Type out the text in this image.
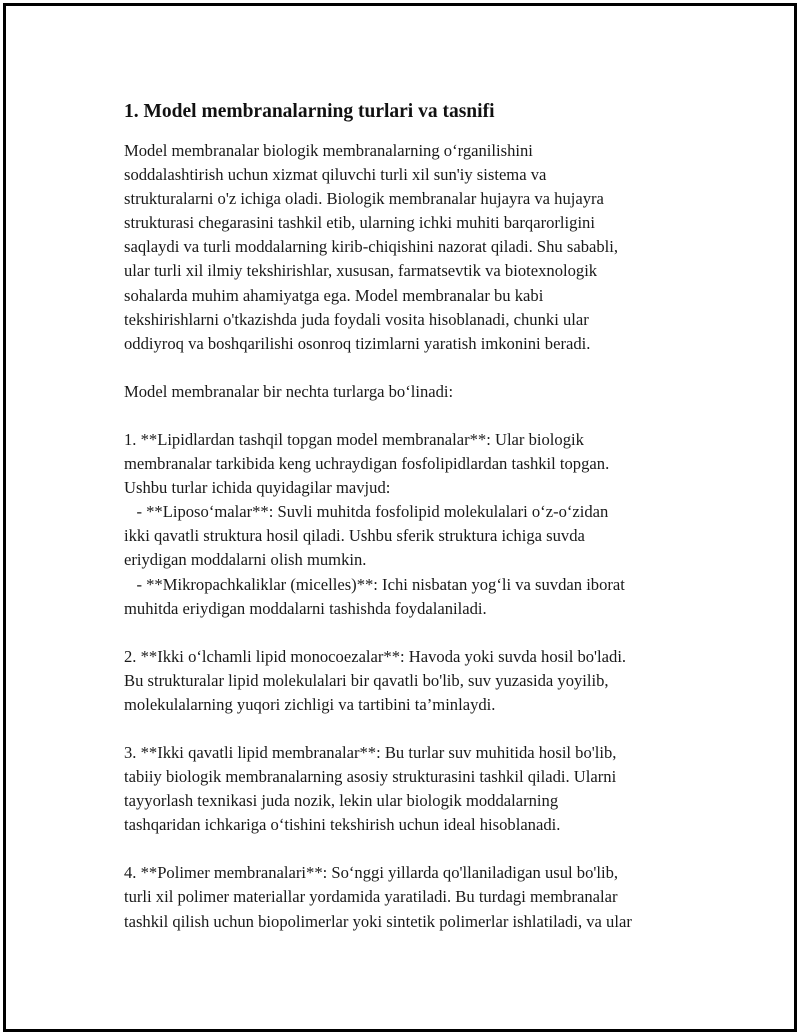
1. Model membranalarning turlari va tasnifi
Model membranalar biologik membranalarning o‘rganilishini
soddalashtirish uchun xizmat qiluvchi turli xil sun'iy sistema va
strukturalarni o'z ichiga oladi. Biologik membranalar hujayra va hujayra
strukturasi chegarasini tashkil etib, ularning ichki muhiti barqarorligini
saqlaydi va turli moddalarning kirib-chiqishini nazorat qiladi. Shu sababli,
ular turli xil ilmiy tekshirishlar, xususan, farmatsevtik va biotexnologik
sohalarda muhim ahamiyatga ega. Model membranalar bu kabi
tekshirishlarni o'tkazishda juda foydali vosita hisoblanadi, chunki ular
oddiyroq va boshqarilishi osonroq tizimlarni yaratish imkonini beradi.
Model membranalar bir nechta turlarga bo‘linadi:
1. **Lipidlardan tashqil topgan model membranalar**: Ular biologik
membranalar tarkibida keng uchraydigan fosfolipidlardan tashkil topgan.
Ushbu turlar ichida quyidagilar mavjud:
- **Liposo‘malar**: Suvli muhitda fosfolipid molekulalari o‘z-o‘zidan
ikki qavatli struktura hosil qiladi. Ushbu sferik struktura ichiga suvda
eriydigan moddalarni olish mumkin.
- **Mikropachkaliklar (micelles)**: Ichi nisbatan yog‘li va suvdan iborat
muhitda eriydigan moddalarni tashishda foydalaniladi.
2. **Ikki o‘lchamli lipid monocoezalar**: Havoda yoki suvda hosil bo'ladi.
Bu strukturalar lipid molekulalari bir qavatli bo'lib, suv yuzasida yoyilib,
molekulalarning yuqori zichligi va tartibini ta’minlaydi.
3. **Ikki qavatli lipid membranalar**: Bu turlar suv muhitida hosil bo'lib,
tabiiy biologik membranalarning asosiy strukturasini tashkil qiladi. Ularni
tayyorlash texnikasi juda nozik, lekin ular biologik moddalarning
tashqaridan ichkariga o‘tishini tekshirish uchun ideal hisoblanadi.
4. **Polimer membranalari**: So‘nggi yillarda qo'llaniladigan usul bo'lib,
turli xil polimer materiallar yordamida yaratiladi. Bu turdagi membranalar
tashkil qilish uchun biopolimerlar yoki sintetik polimerlar ishlatiladi, va ular
